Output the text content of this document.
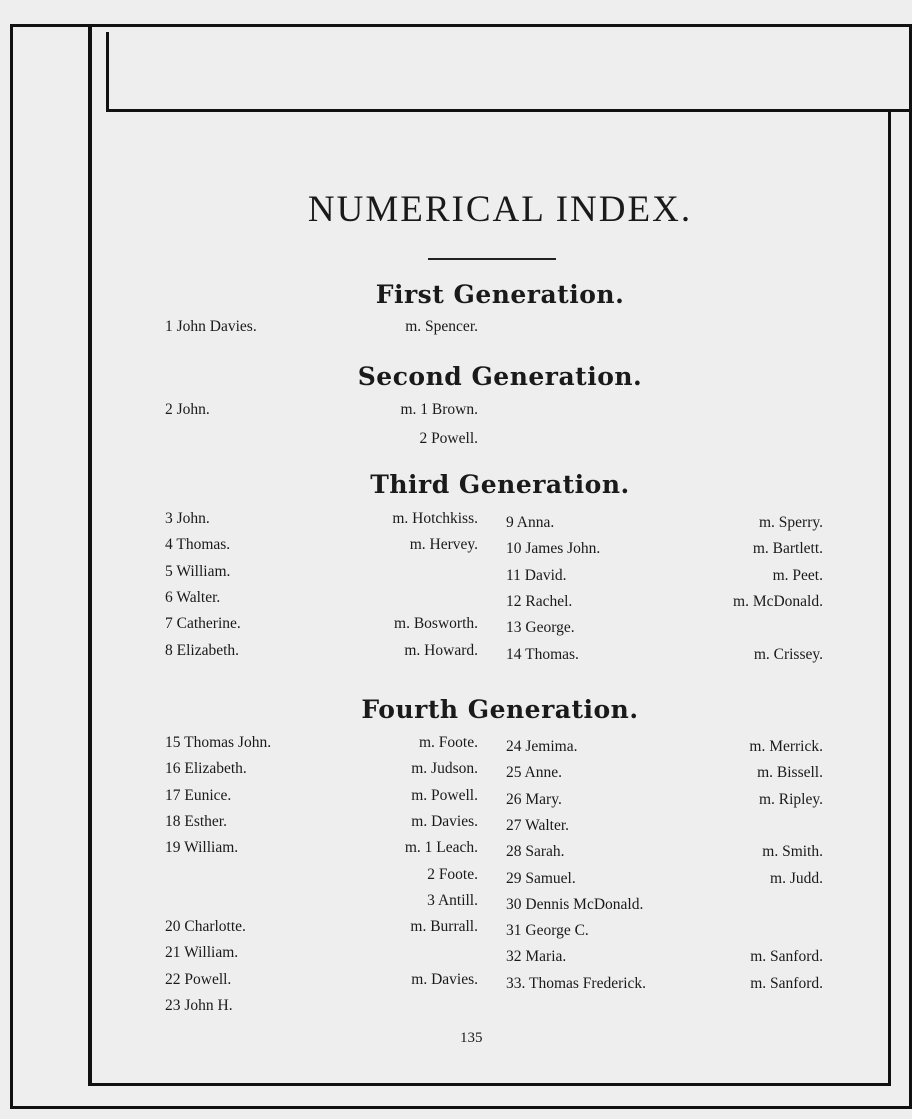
NUMERICAL INDEX.
First Generation.
1 John Davies.	m. Spencer.
Second Generation.
2 John.	m. 1 Brown.
2 Powell.
Third Generation.
3 John.	m. Hotchkiss.
4 Thomas.	m. Hervey.
5 William.
6 Walter.
7 Catherine.	m. Bosworth.
8 Elizabeth.	m. Howard.
9 Anna.	m. Sperry.
10 James John.	m. Bartlett.
11 David.	m. Peet.
12 Rachel.	m. McDonald.
13 George.
14 Thomas.	m. Crissey.
Fourth Generation.
15 Thomas John.	m. Foote.
16 Elizabeth.	m. Judson.
17 Eunice.	m. Powell.
18 Esther.	m. Davies.
19 William.	m. 1 Leach.
2 Foote.
3 Antill.
20 Charlotte.	m. Burrall.
21 William.
22 Powell.	m. Davies.
23 John H.
24 Jemima.	m. Merrick.
25 Anne.	m. Bissell.
26 Mary.	m. Ripley.
27 Walter.
28 Sarah.	m. Smith.
29 Samuel.	m. Judd.
30 Dennis McDonald.
31 George C.
32 Maria.	m. Sanford.
33. Thomas Frederick.	m. Sanford.
135
